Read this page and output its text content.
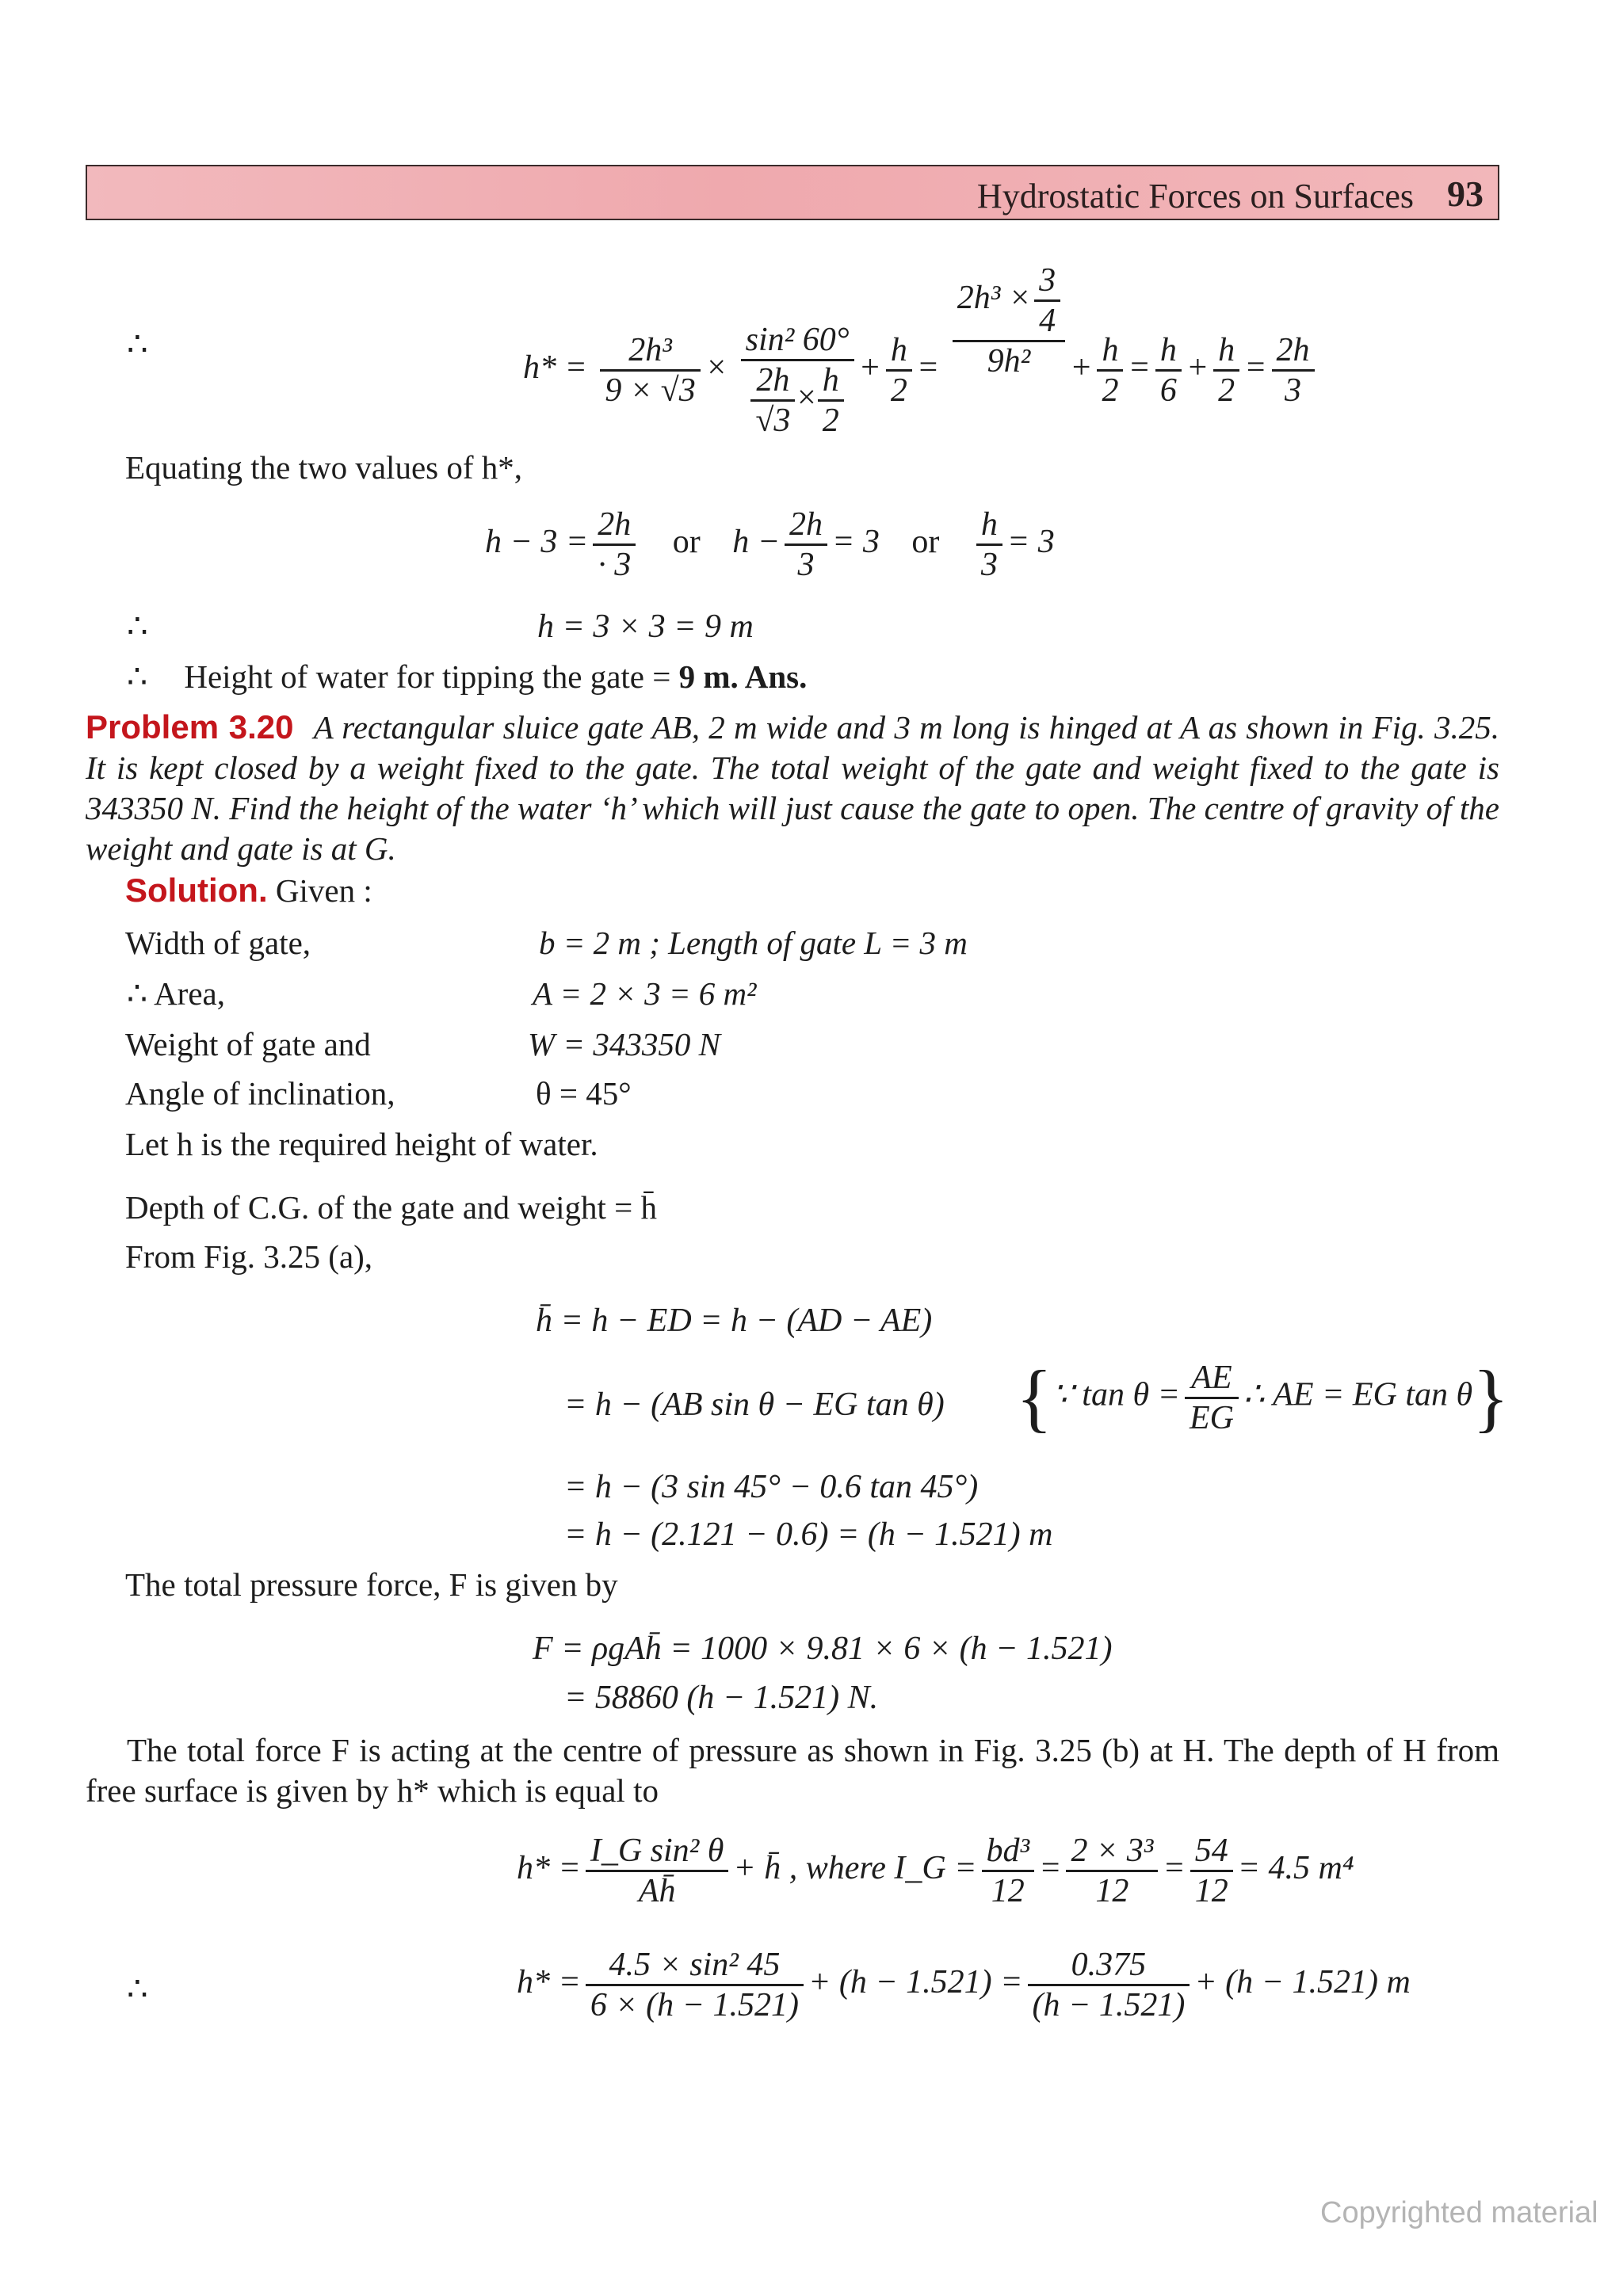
Hydrostatic Forces on Surfaces 93
∴
$h* = \frac{\text{2h³}}{9 \times √3} \times \frac{\text{sin² 60°}}{\frac{2h}{√3} \times \frac{h}{2}} + \frac{h}{2} = \frac{2h^3 \times \frac{3}{4}}{\text{9h²}} + \frac{h}{2} = \frac{h}{6} + \frac{h}{2} = \frac{2h}{3}$
Equating the two values of h*,
$h - 3 = \frac{2h}{\cdot 3}$ or $h - \frac{2h}{3} = 3$ or $\frac{h}{3} = 3$
∴	h = 3 × 3 = 9 m
∴ Height of water for tipping the gate = 9 m. Ans.
Problem 3.20 A rectangular sluice gate AB, 2 m wide and 3 m long is hinged at A as shown in Fig. 3.25. It is kept closed by a weight fixed to the gate. The total weight of the gate and weight fixed to the gate is 343350 N. Find the height of the water ‘h’ which will just cause the gate to open. The centre of gravity of the weight and gate is at G.
Solution. Given :
Width of gate,	b = 2 m ; Length of gate L = 3 m
∴ Area,	A = 2 × 3 = 6 m²
Weight of gate and	W = 343350 N
Angle of inclination,	θ = 45°
Let h is the required height of water.
Depth of C.G. of the gate and weight = h̄
From Fig. 3.25 (a),
h̄ = h − ED = h − (AD − AE)
= h − (AB sin θ − EG tan θ) {∵ $\tan \theta = \frac{AE}{EG}$ ∴ AE = EG tan θ}
= h − (3 sin 45° − 0.6 tan 45°)
= h − (2.121 − 0.6) = (h − 1.521) m
The total pressure force, F is given by
F = ρgAh̄ = 1000 × 9.81 × 6 × (h − 1.521)
= 58860 (h − 1.521) N.
The total force F is acting at the centre of pressure as shown in Fig. 3.25 (b) at H. The depth of H from free surface is given by h* which is equal to
$h* = \frac{\text{I\_G sin² θ}}{Ah̄}$ + h̄ , where I_G = $\frac{\text{bd³}}{12} = \frac{\text{2 × 3³}}{12} = \frac{54}{12} = 4.5$ m⁴
∴	$h* = \frac{\text{4.5 × sin² 45}}{6 \times (h - 1.521)} + (h - 1.521) = \frac{0.375}{(h - 1.521)} + (h - 1.521)$ m
Copyrighted material
